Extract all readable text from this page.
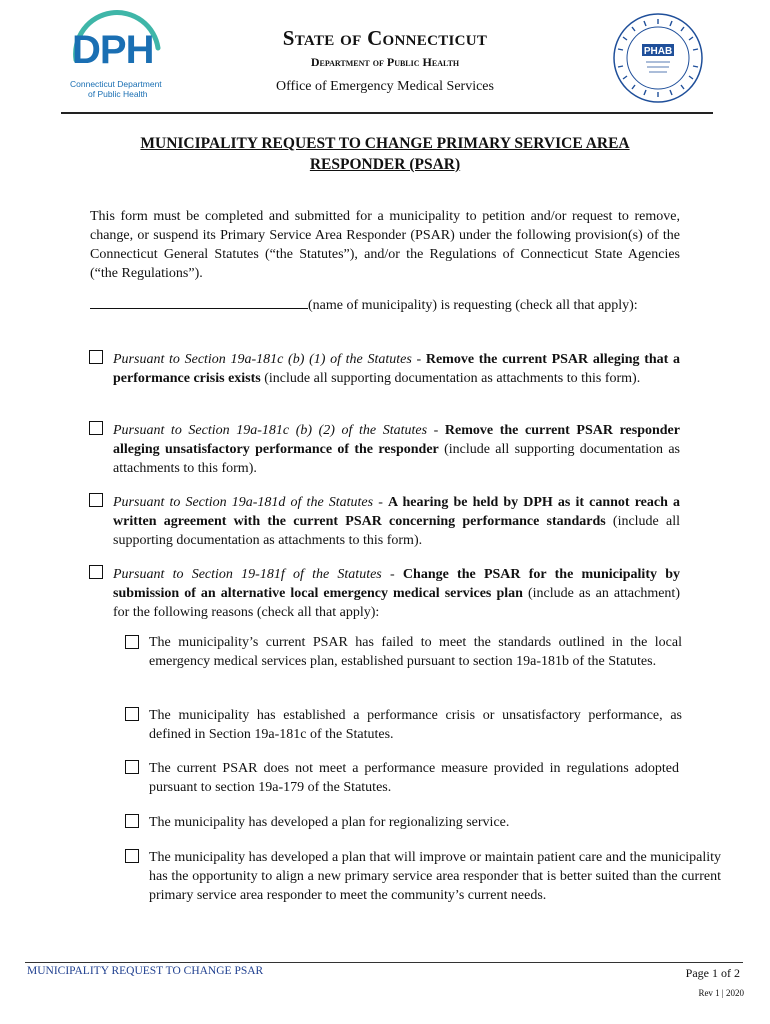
DPH
Connecticut Department
of Public Health
State of Connecticut
Department of Public Health
Office of Emergency Medical Services
PHAB
MUNICIPALITY REQUEST TO CHANGE PRIMARY SERVICE AREA
RESPONDER (PSAR)
This form must be completed and submitted for a municipality to petition and/or request to remove, change, or suspend its Primary Service Area Responder (PSAR) under the following provision(s) of the Connecticut General Statutes (“the Statutes”), and/or the Regulations of Connecticut State Agencies (“the Regulations”).
(name of municipality) is requesting (check all that apply):
Pursuant to Section 19a-181c (b) (1) of the Statutes - Remove the current PSAR alleging that a performance crisis exists (include all supporting documentation as attachments to this form).
Pursuant to Section 19a-181c (b) (2) of the Statutes - Remove the current PSAR responder alleging unsatisfactory performance of the responder (include all supporting documentation as attachments to this form).
Pursuant to Section 19a-181d of the Statutes - A hearing be held by DPH as it cannot reach a written agreement with the current PSAR concerning performance standards (include all supporting documentation as attachments to this form).
Pursuant to Section 19-181f of the Statutes - Change the PSAR for the municipality by submission of an alternative local emergency medical services plan (include as an attachment) for the following reasons (check all that apply):
The municipality’s current PSAR has failed to meet the standards outlined in the local emergency medical services plan, established pursuant to section 19a-181b of the Statutes.
The municipality has established a performance crisis or unsatisfactory performance, as defined in Section 19a-181c of the Statutes.
The current PSAR does not meet a performance measure provided in regulations adopted pursuant to section 19a-179 of the Statutes.
The municipality has developed a plan for regionalizing service.
The municipality has developed a plan that will improve or maintain patient care and the municipality has the opportunity to align a new primary service area responder that is better suited than the current primary service area responder to meet the community’s current needs.
MUNICIPALITY REQUEST TO CHANGE PSAR	Page 1 of 2
Rev 1 | 2020
